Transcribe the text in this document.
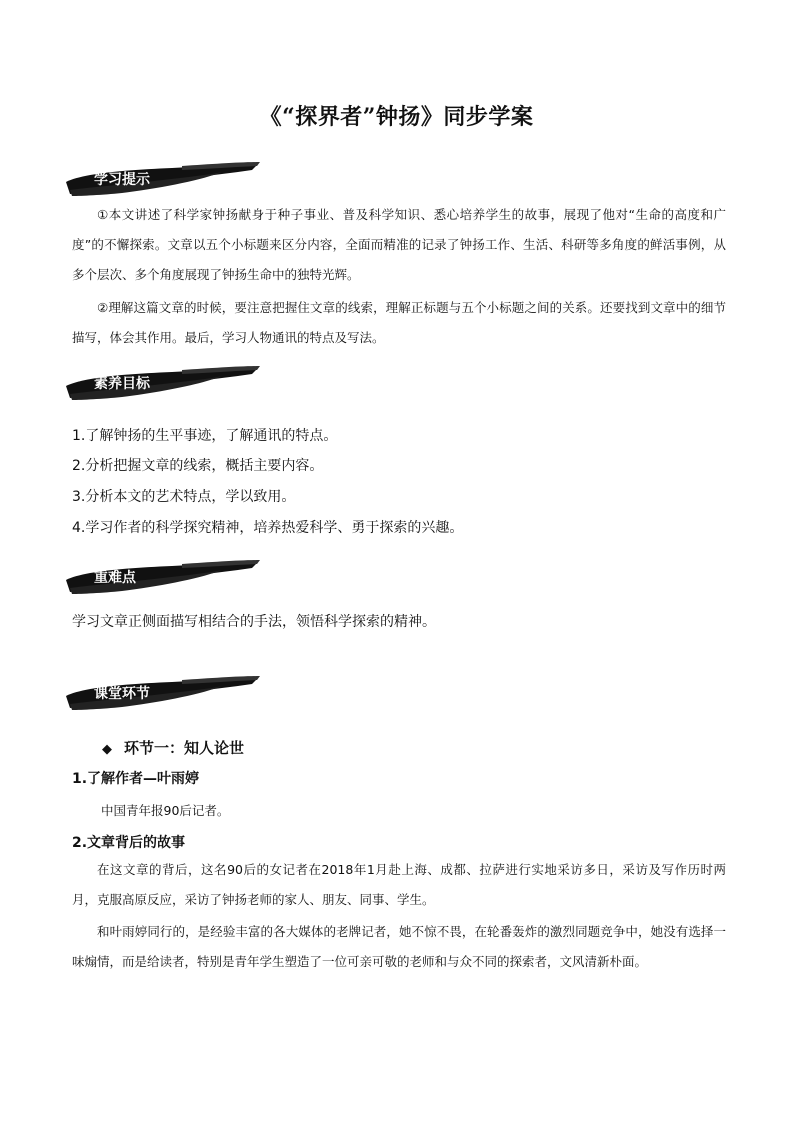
《“探界者”钟扬》同步学案
学习提示

①本文讲述了科学家钟扬献身于种子事业、普及科学知识、悉心培养学生的故事，展现了他对“生命的高度和广度”的不懈探索。文章以五个小标题来区分内容，全面而精准的记录了钟扬工作、生活、科研等多角度的鲜活事例，从多个层次、多个角度展现了钟扬生命中的独特光辉。

②理解这篇文章的时候，要注意把握住文章的线索，理解正标题与五个小标题之间的关系。还要找到文章中的细节描写，体会其作用。最后，学习人物通讯的特点及写法。

素养目标
1.了解钟扬的生平事迹，了解通讯的特点。
2.分析把握文章的线索，概括主要内容。
3.分析本文的艺术特点，学以致用。
4.学习作者的科学探究精神，培养热爱科学、勇于探索的兴趣。
重难点
学习文章正侧面描写相结合的手法，领悟科学探索的精神。
课堂环节
◆ 环节一：知人论世
1.了解作者—叶雨婷
中国青年报90后记者。
2.文章背后的故事

在这文章的背后，这名90后的女记者在2018年1月赴上海、成都、拉萨进行实地采访多日，采访及写作历时两月，克服高原反应，采访了钟扬老师的家人、朋友、同事、学生。

和叶雨婷同行的，是经验丰富的各大媒体的老牌记者，她不惊不畏，在轮番轰炸的激烈同题竞争中，她没有选择一味煽情，而是给读者，特别是青年学生塑造了一位可亲可敬的老师和与众不同的探索者，文风清新朴面。
